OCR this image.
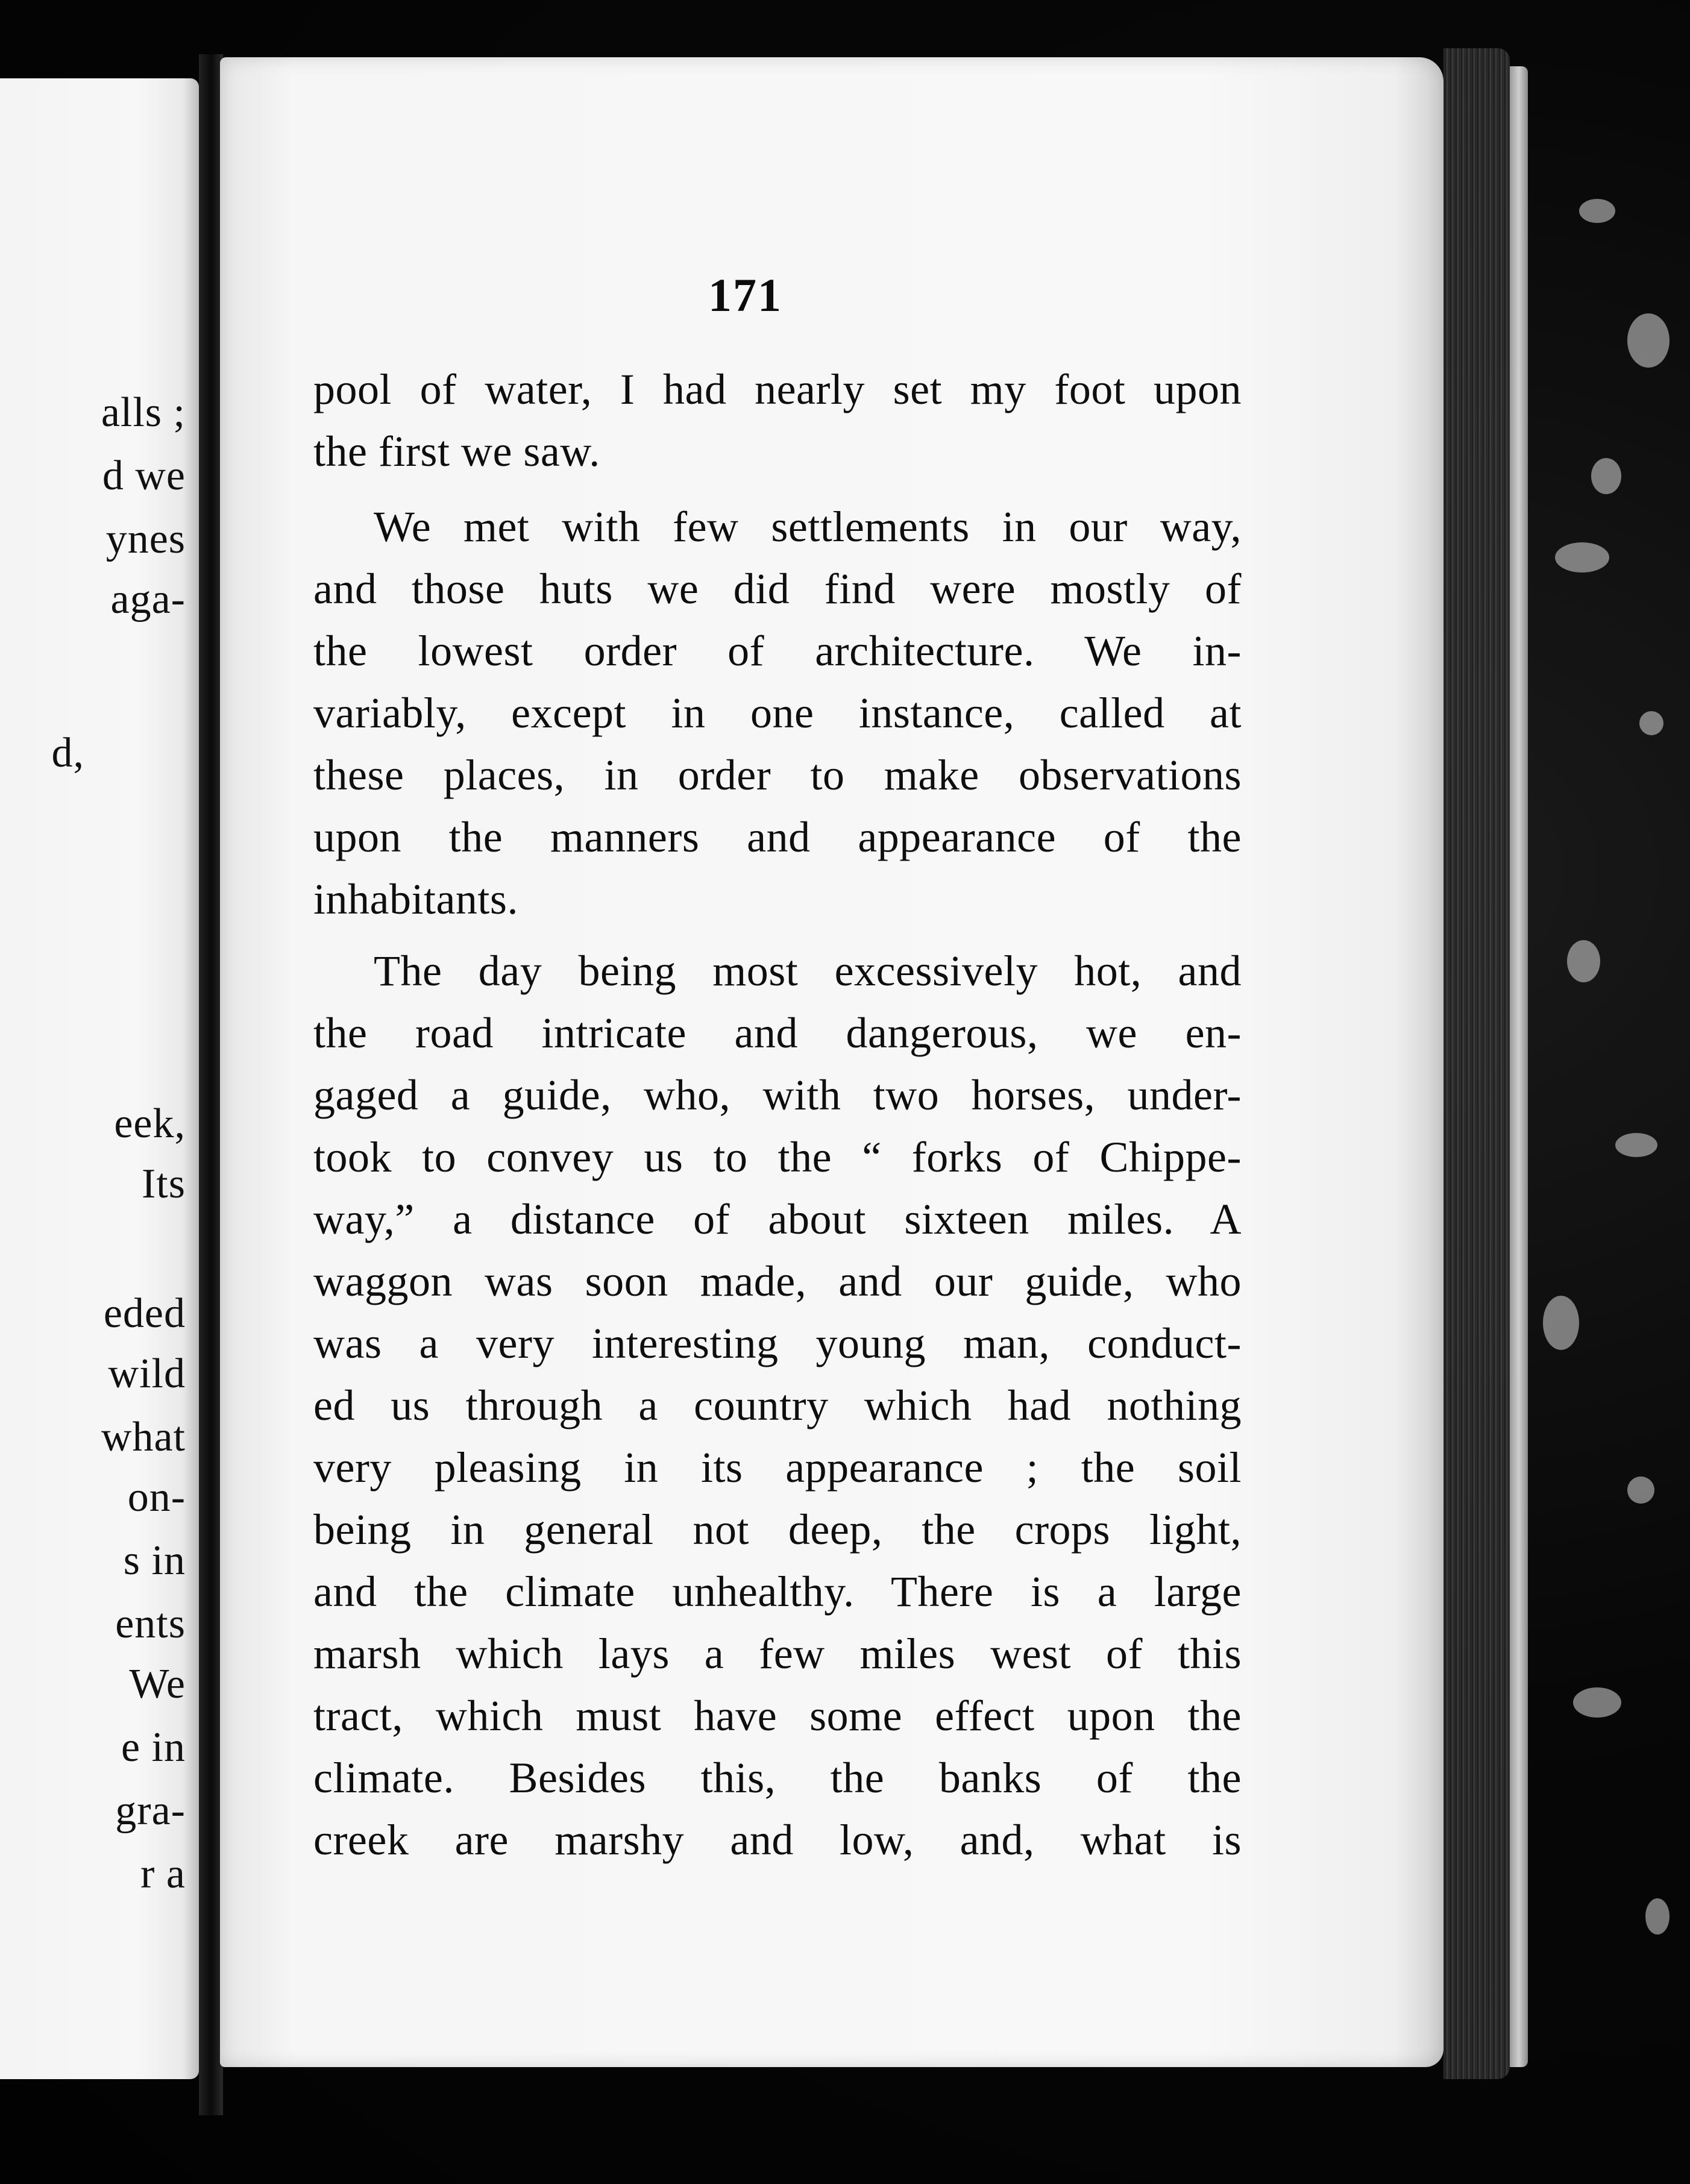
alls ;
d we
ynes
aga-
d,
eek,
Its
eded
wild
what
on-
s in
ents
We
e in
gra-
r a
171
pool of water, I had nearly set my foot upon
the first we saw.
We met with few settlements in our way,
and those huts we did find were mostly of
the lowest order of architecture. We in-
variably, except in one instance, called at
these places, in order to make observations
upon the manners and appearance of the
inhabitants.
The day being most excessively hot, and
the road intricate and dangerous, we en-
gaged a guide, who, with two horses, under-
took to convey us to the “ forks of Chippe-
way,” a distance of about sixteen miles. A
waggon was soon made, and our guide, who
was a very interesting young man, conduct-
ed us through a country which had nothing
very pleasing in its appearance ; the soil
being in general not deep, the crops light,
and the climate unhealthy. There is a large
marsh which lays a few miles west of this
tract, which must have some effect upon the
climate. Besides this, the banks of the
creek are marshy and low, and, what is
